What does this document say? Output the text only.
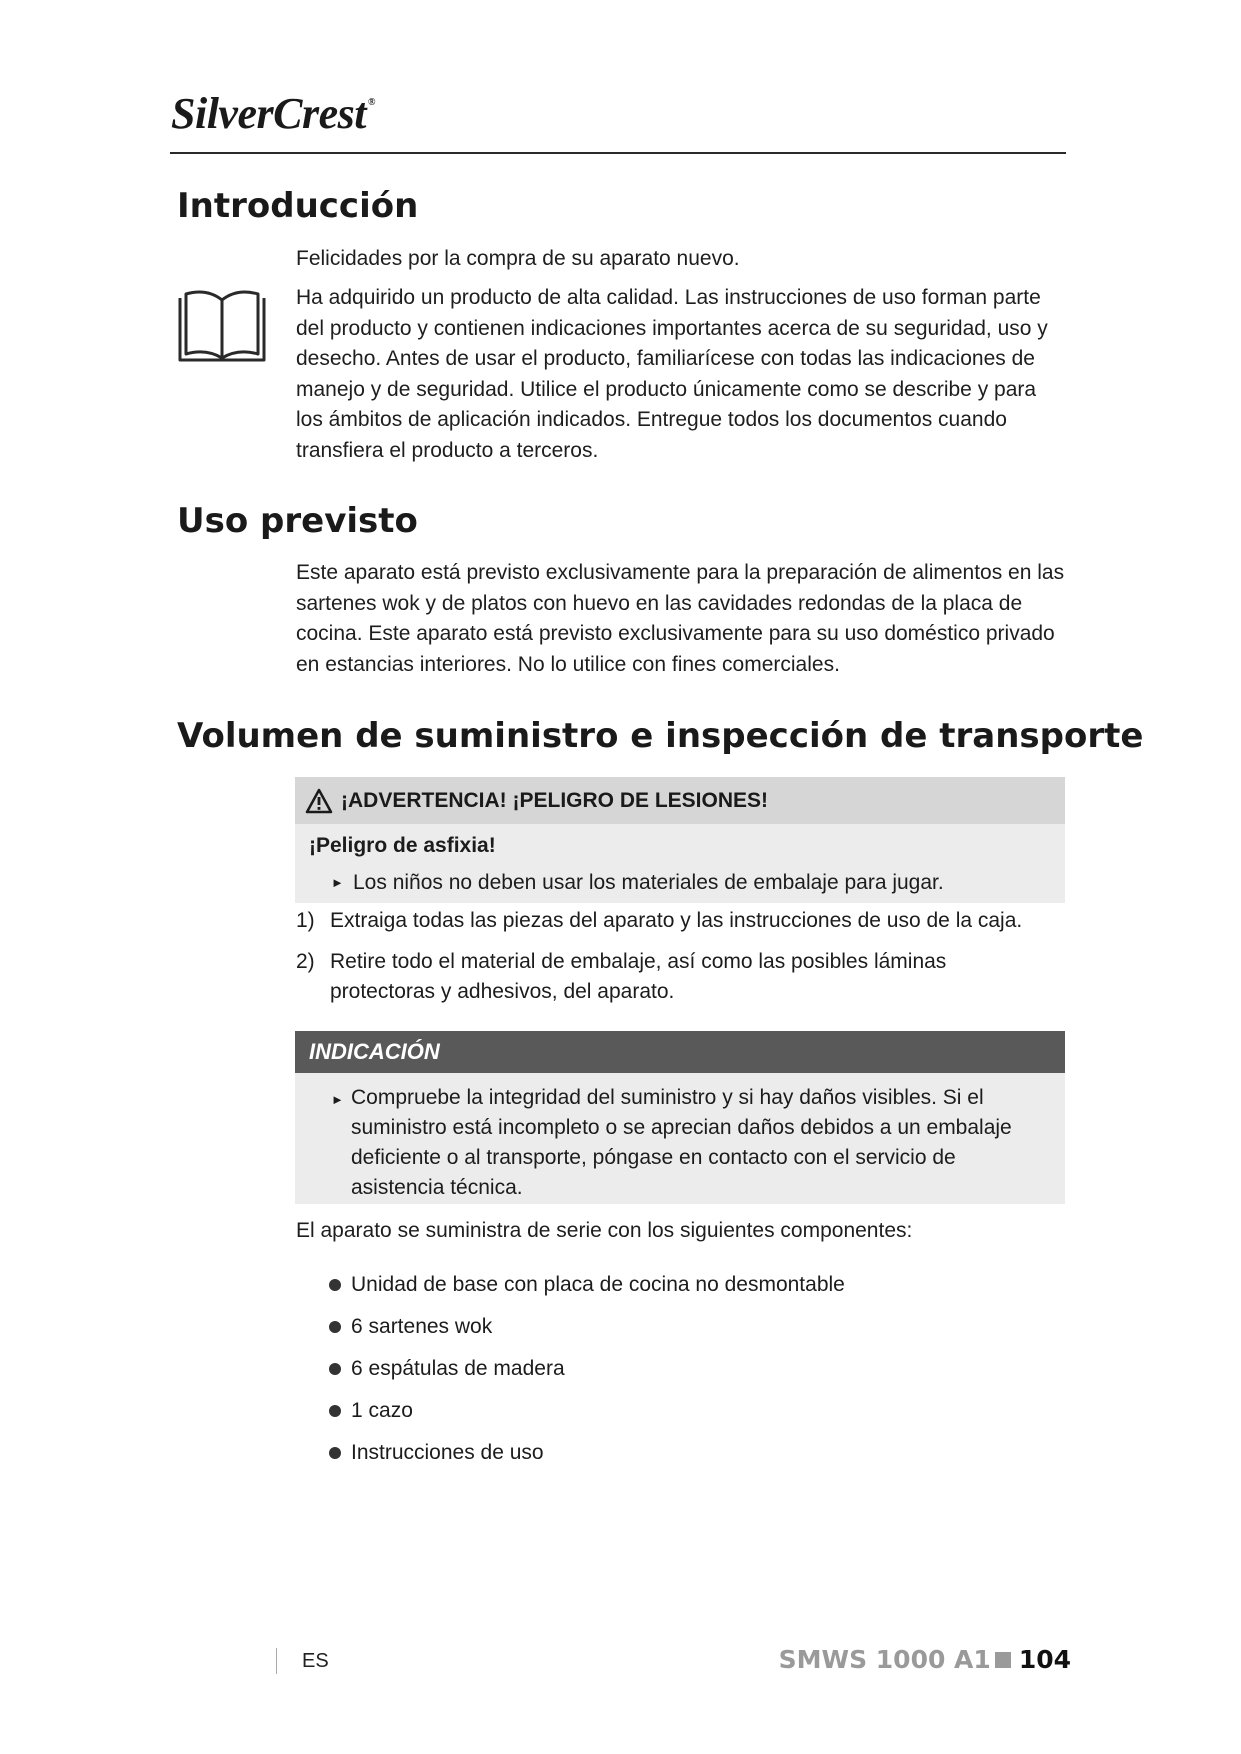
SilverCrest ®
Introducción

Felicidades por la compra de su aparato nuevo.

Ha adquirido un producto de alta calidad. Las instrucciones de uso forman parte del producto y contienen indicaciones importantes acerca de su seguridad, uso y desecho. Antes de usar el producto, familiarícese con todas las indicaciones de manejo y de seguridad. Utilice el producto únicamente como se describe y para los ámbitos de aplicación indicados. Entregue todos los documentos cuando transfiera el producto a terceros.

Uso previsto

Este aparato está previsto exclusivamente para la preparación de alimentos en las sartenes wok y de platos con huevo en las cavidades redondas de la placa de cocina. Este aparato está previsto exclusivamente para su uso doméstico privado en estancias interiores. No lo utilice con fines comerciales.

Volumen de suministro e inspección de transporte
¡ADVERTENCIA! ¡PELIGRO DE LESIONES!
¡Peligro de asfixia!
► Los niños no deben usar los materiales de embalaje para jugar.
1) Extraiga todas las piezas del aparato y las instrucciones de uso de la caja.
2) Retire todo el material de embalaje, así como las posibles láminas protectoras y adhesivos, del aparato.
INDICACIÓN
► Compruebe la integridad del suministro y si hay daños visibles. Si el suministro está incompleto o se aprecian daños debidos a un embalaje deficiente o al transporte, póngase en contacto con el servicio de asistencia técnica.

El aparato se suministra de serie con los siguientes componentes:

Unidad de base con placa de cocina no desmontable
6 sartenes wok
6 espátulas de madera
1 cazo
Instrucciones de uso
ES	SMWS 1000 A1 104
